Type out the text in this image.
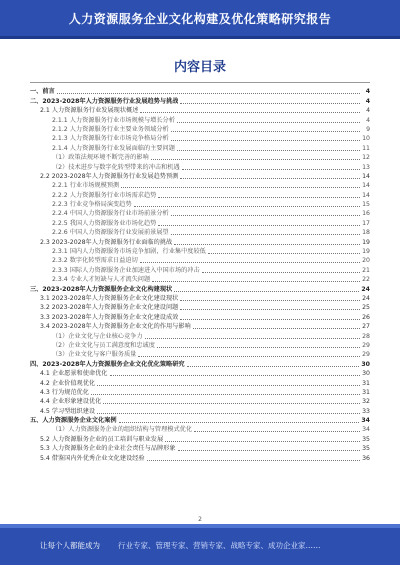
人力资源服务企业文化构建及优化策略研究报告
内容目录
一、前言	4
二、2023-2028年人力资源服务行业发展趋势与挑战	4
2.1 人力资源服务行业发展现状概述	4
2.1.1 人力资源服务行业市场规模与增长分析	4
2.1.2 人力资源服务行业主要业务领域分析	9
2.1.3 人力资源服务行业市场竞争格局分析	10
2.1.4 人力资源服务行业发展面临的主要问题	11
（1）政策法规环境不断完善的影响	12
（2）技术进步与数字化转型带来的冲击和机遇	13
2.2 2023-2028年人力资源服务行业发展趋势预测	14
2.2.1 行业市场规模预测	14
2.2.2 人力资源服务行业市场需求趋势	14
2.2.3 行业竞争格局演变趋势	15
2.2.4 中国人力资源服务行业市场前景分析	16
2.2.5 我国人力资源服务业市场化趋势	17
2.2.6 中国人力资源服务行业发展前景展望	18
2.3 2023-2028年人力资源服务行业面临的挑战	19
2.3.1 国内人力资源服务市场竞争加剧，行业集中度较低	19
2.3.2 数字化转型需求日益迫切	20
2.3.3 国际人力资源服务企业加速进入中国市场的冲击	21
2.3.4 专业人才短缺与人才流失问题	22
三、2023-2028年人力资源服务企业文化构建现状	24
3.1 2023-2028年人力资源服务企业文化建设现状	24
3.2 2023-2028年人力资源服务企业文化建设问题	25
3.3 2023-2028年人力资源服务企业文化建设成效	26
3.4 2023-2028年人力资源服务企业文化的作用与影响	27
（1）企业文化与企业核心竞争力	28
（2）企业文化与员工满意度和忠诚度	29
（3）企业文化与客户服务质量	29
四、2023-2028年人力资源服务企业文化优化策略研究	30
4.1 企业愿景和使命优化	30
4.2 企业价值观优化	31
4.3 行为规范优化	31
4.4 企业形象建设优化	32
4.5 学习型组织建设	33
五、人力资源服务企业文化案例	34
（1）人力资源服务企业的组织结构与管理模式优化	34
5.2 人力资源服务企业的员工培训与职业发展	35
5.3 人力资源服务企业的企业社会责任与品牌形象	35
5.4 借鉴国内外优秀企业文化建设经验	36
2
让每个人都能成为 行业专家、管理专家、营销专家、战略专家、成功企业家……
